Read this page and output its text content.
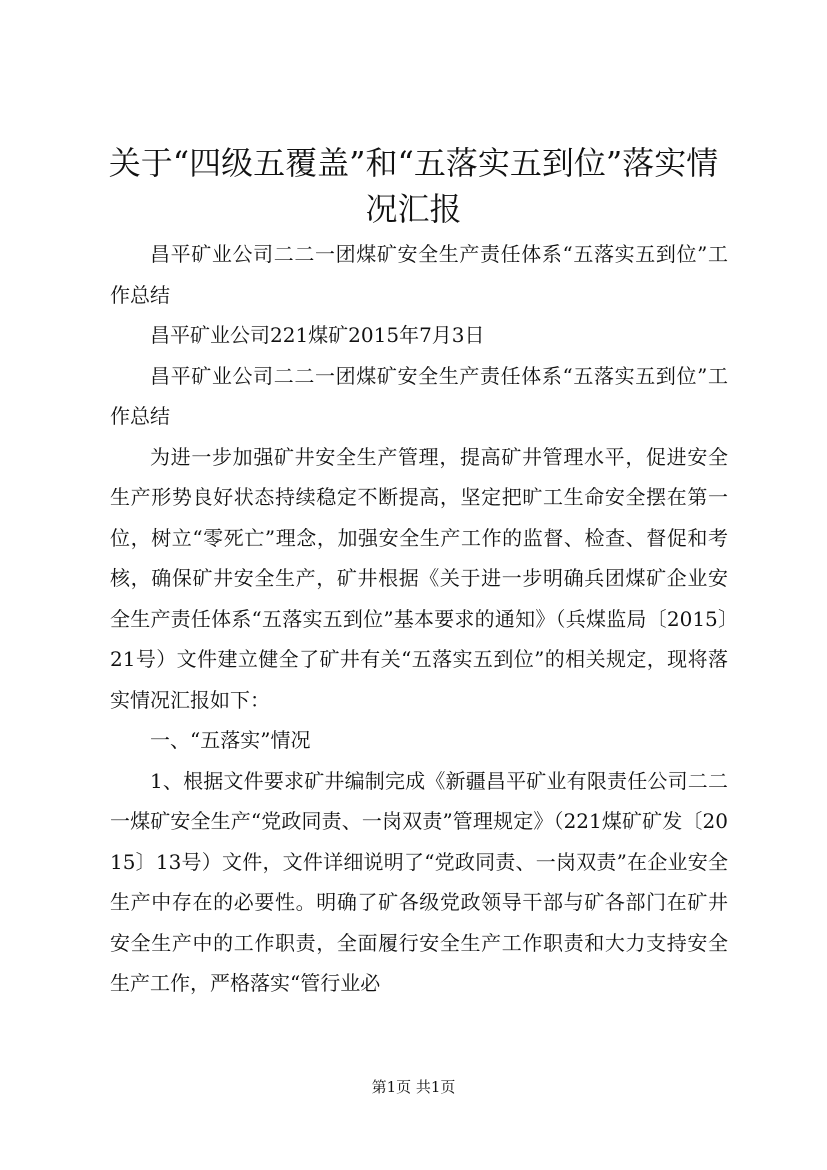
关于“四级五覆盖”和“五落实五到位”落实情况汇报

昌平矿业公司二二一团煤矿安全生产责任体系“五落实五到位”工作总结

昌平矿业公司221煤矿2015年7月3日

昌平矿业公司二二一团煤矿安全生产责任体系“五落实五到位”工作总结

为进一步加强矿井安全生产管理，提高矿井管理水平，促进安全生产形势良好状态持续稳定不断提高，坚定把旷工生命安全摆在第一位，树立“零死亡”理念，加强安全生产工作的监督、检查、督促和考核，确保矿井安全生产，矿井根据《关于进一步明确兵团煤矿企业安全生产责任体系“五落实五到位”基本要求的通知》（兵煤监局〔2015〕21号）文件建立健全了矿井有关“五落实五到位”的相关规定，现将落实情况汇报如下：

一、“五落实”情况

1、根据文件要求矿井编制完成《新疆昌平矿业有限责任公司二二一煤矿安全生产“党政同责、一岗双责”管理规定》（221煤矿矿发〔2015〕13号）文件，文件详细说明了“党政同责、一岗双责”在企业安全生产中存在的必要性。明确了矿各级党政领导干部与矿各部门在矿井安全生产中的工作职责，全面履行安全生产工作职责和大力支持安全生产工作，严格落实“管行业必

第1页 共1页
